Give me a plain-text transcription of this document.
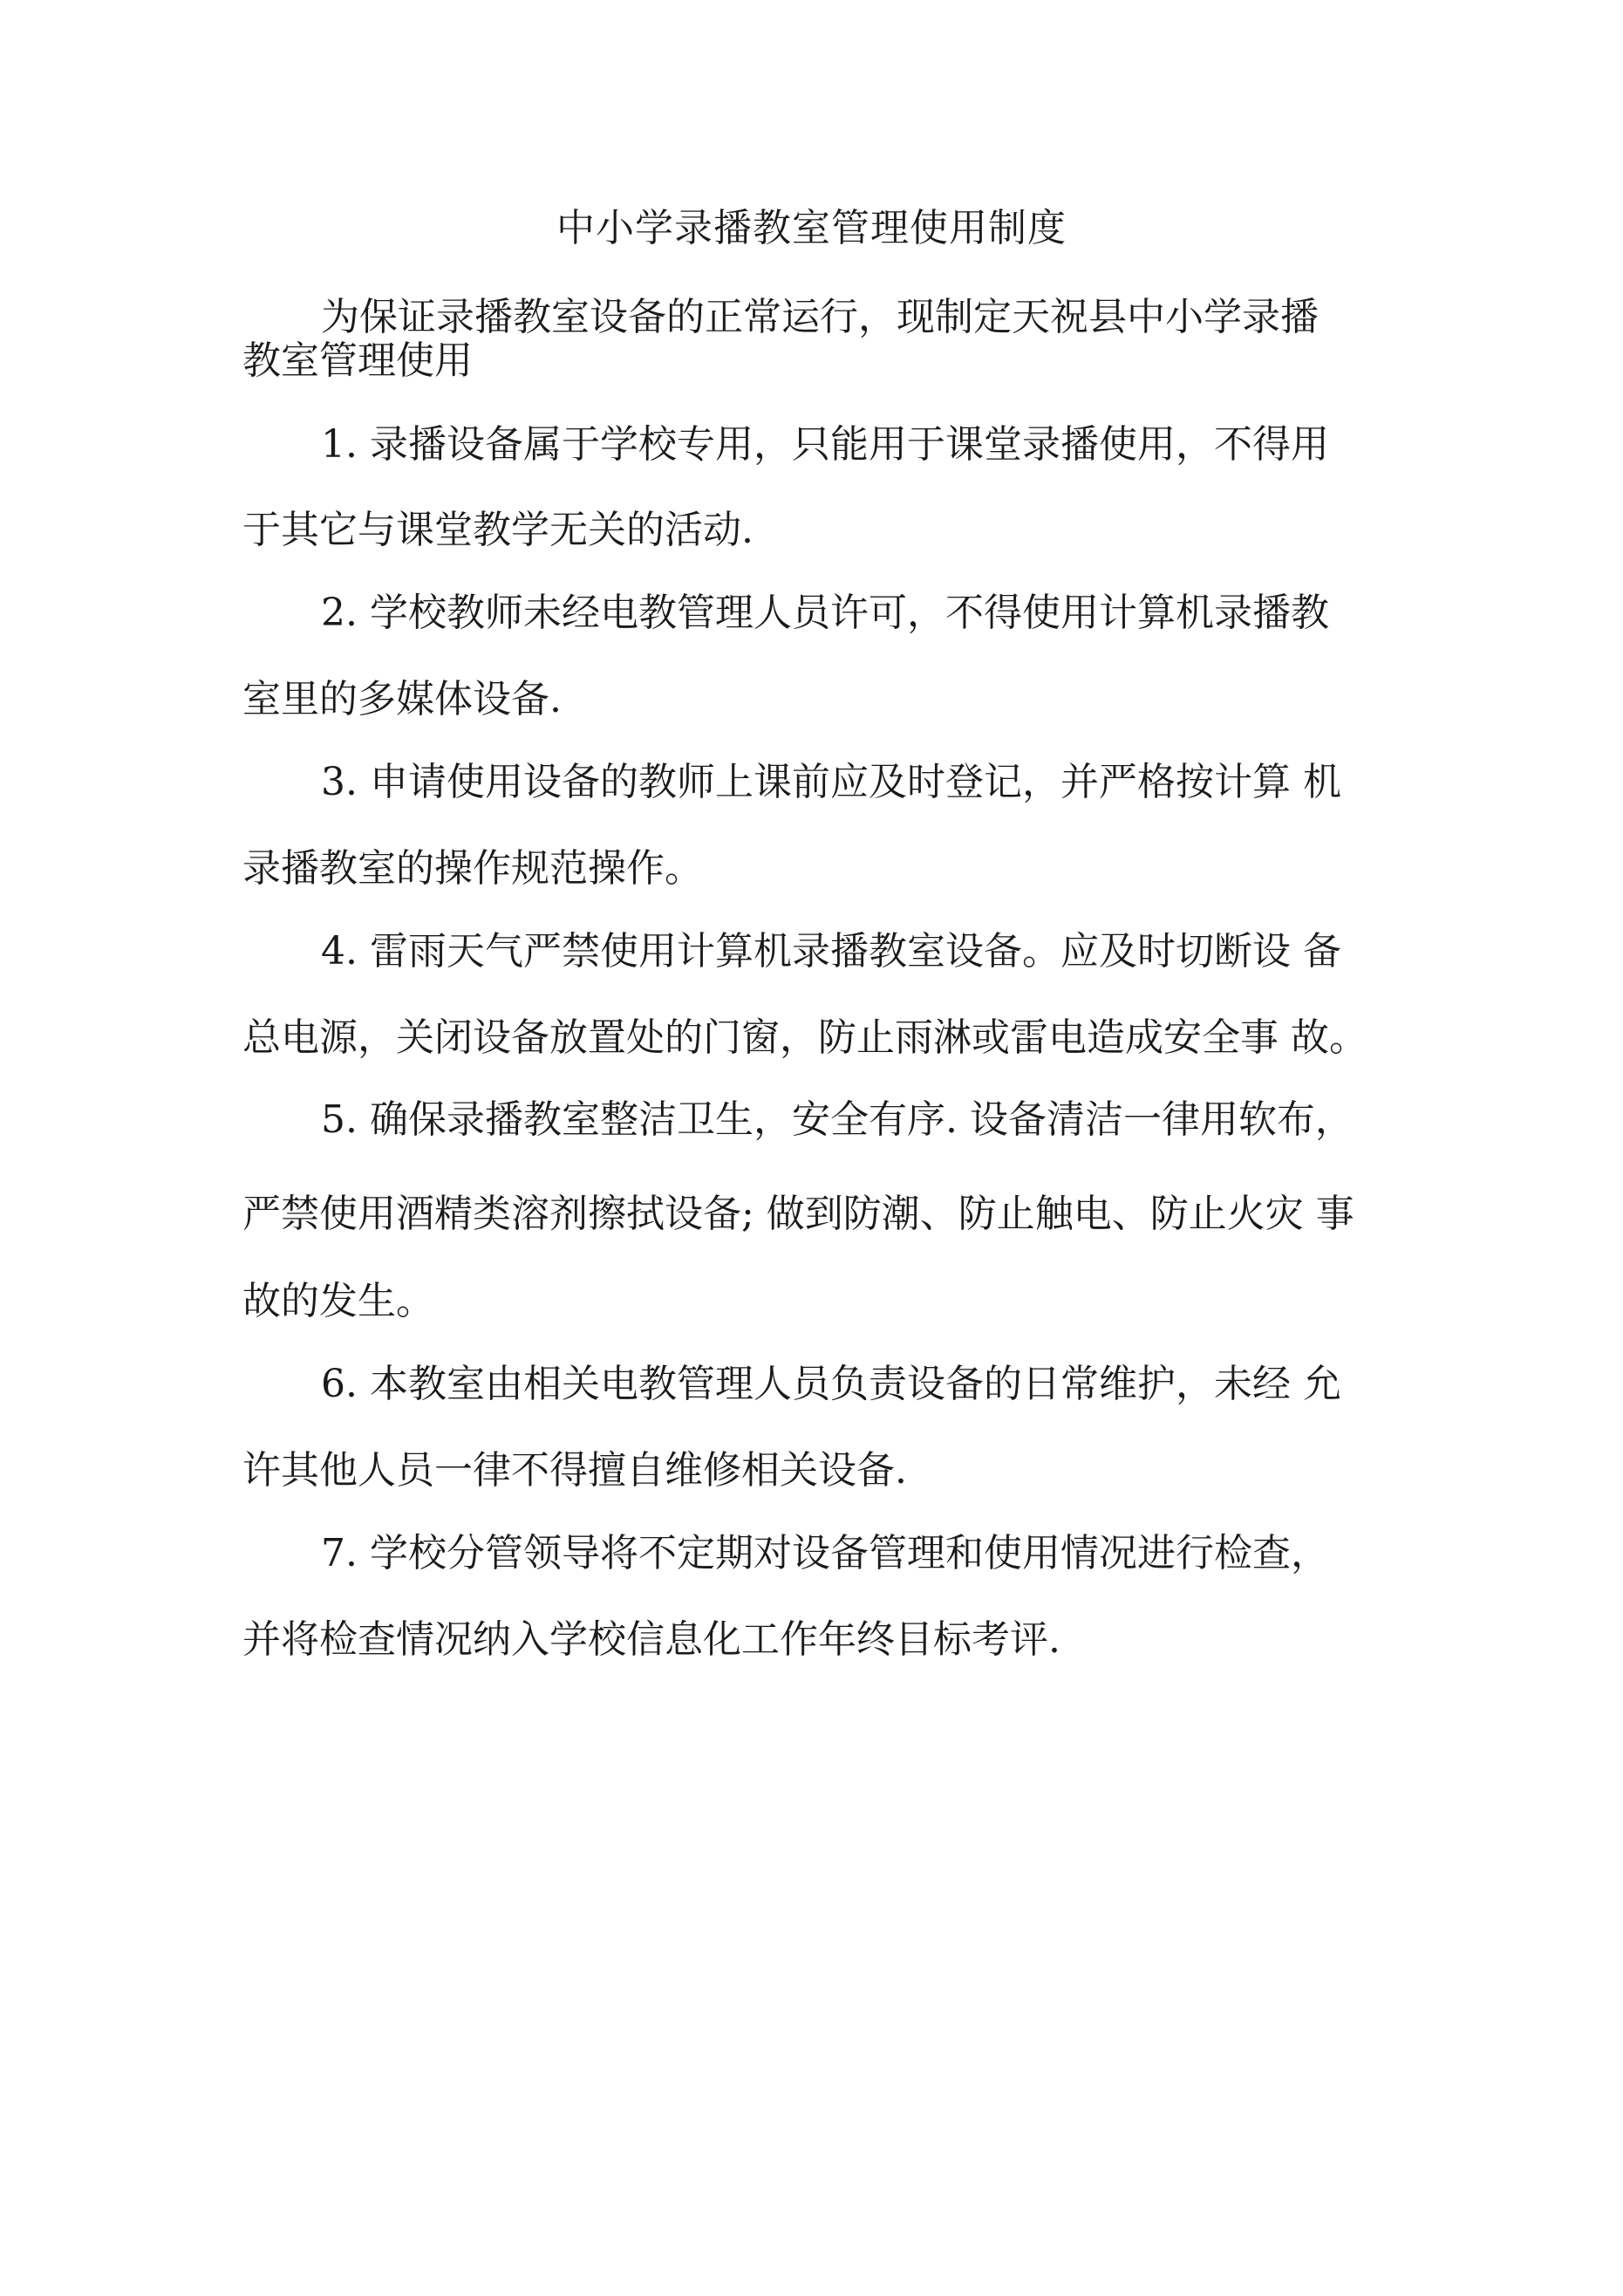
中小学录播教室管理使用制度
为保证录播教室设备的正常运行，现制定天祝县中小学录播
教室管理使用
1. 录播设备属于学校专用，只能用于课堂录播使用，不得用
于其它与课堂教学无关的活动.
2. 学校教师未经电教管理人员许可，不得使用计算机录播教
室里的多媒体设备.
3. 申请使用设备的教师上课前应及时登记，并严格按计算 机
录播教室的操作规范操作。
4. 雷雨天气严禁使用计算机录播教室设备。应及时切断设 备
总电源，关闭设备放置处的门窗，防止雨淋或雷电造成安全事 故。
5. 确保录播教室整洁卫生，安全有序. 设备清洁一律用软布，
严禁使用酒精类溶剂擦拭设备; 做到防潮、防止触电、防止火灾 事
故的发生。
6. 本教室由相关电教管理人员负责设备的日常维护，未经 允
许其他人员一律不得擅自维修相关设备.
7. 学校分管领导将不定期对设备管理和使用情况进行检查，
并将检查情况纳入学校信息化工作年终目标考评.
